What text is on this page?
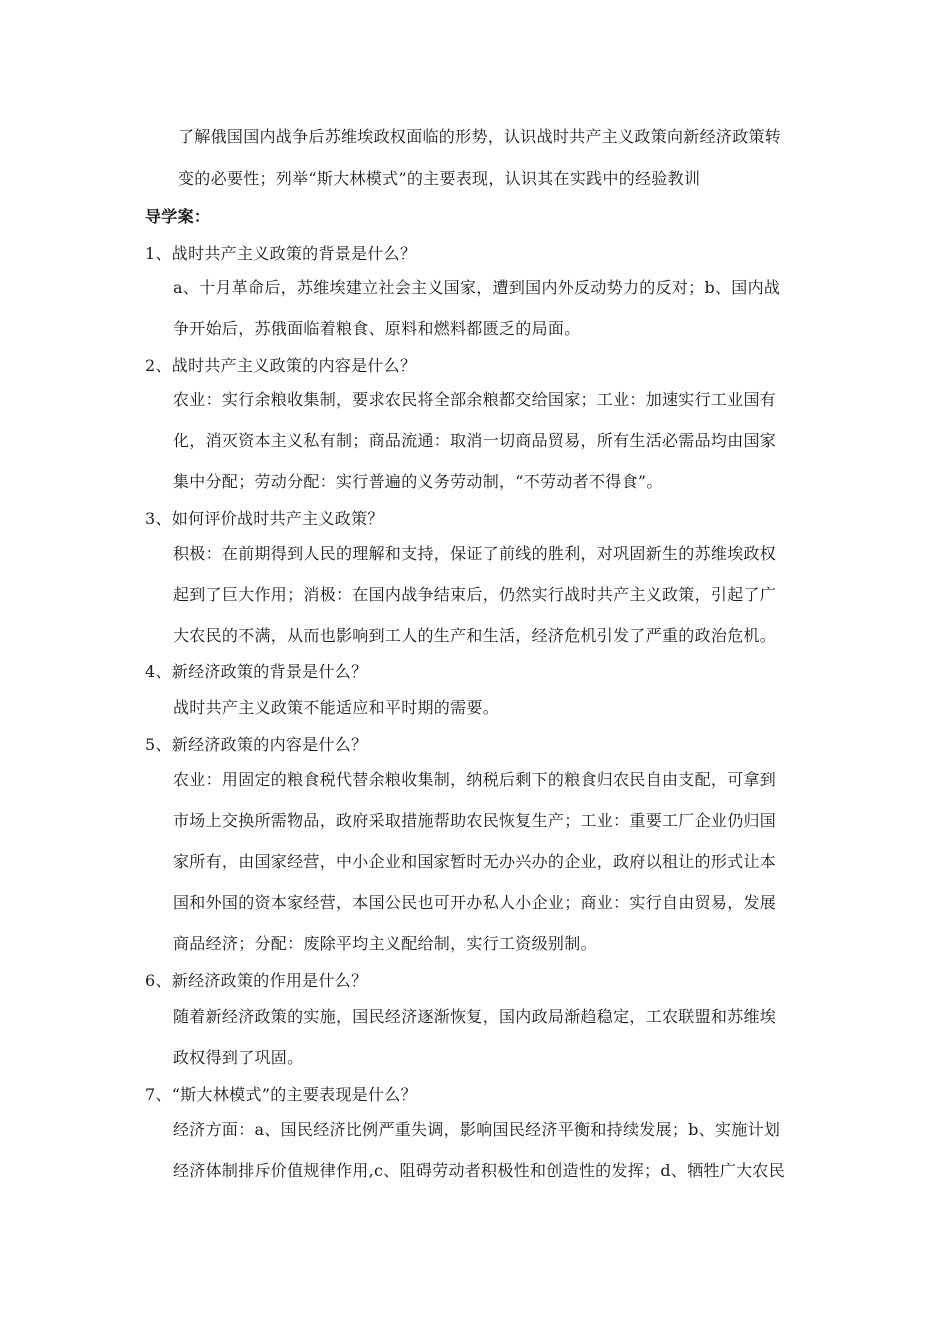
了解俄国国内战争后苏维埃政权面临的形势，认识战时共产主义政策向新经济政策转
变的必要性；列举“斯大林模式”的主要表现，认识其在实践中的经验教训
导学案：
1、战时共产主义政策的背景是什么？
a、十月革命后，苏维埃建立社会主义国家，遭到国内外反动势力的反对；b、国内战
争开始后，苏俄面临着粮食、原料和燃料都匮乏的局面。
2、战时共产主义政策的内容是什么？
农业：实行余粮收集制，要求农民将全部余粮都交给国家；工业：加速实行工业国有
化，消灭资本主义私有制；商品流通：取消一切商品贸易，所有生活必需品均由国家
集中分配；劳动分配：实行普遍的义务劳动制，“不劳动者不得食”。
3、如何评价战时共产主义政策？
积极：在前期得到人民的理解和支持，保证了前线的胜利，对巩固新生的苏维埃政权
起到了巨大作用；消极：在国内战争结束后，仍然实行战时共产主义政策，引起了广
大农民的不满，从而也影响到工人的生产和生活，经济危机引发了严重的政治危机。
4、新经济政策的背景是什么？
战时共产主义政策不能适应和平时期的需要。
5、新经济政策的内容是什么？
农业：用固定的粮食税代替余粮收集制，纳税后剩下的粮食归农民自由支配，可拿到
市场上交换所需物品，政府采取措施帮助农民恢复生产；工业：重要工厂企业仍归国
家所有，由国家经营，中小企业和国家暂时无办兴办的企业，政府以租让的形式让本
国和外国的资本家经营，本国公民也可开办私人小企业；商业：实行自由贸易，发展
商品经济；分配：废除平均主义配给制，实行工资级别制。
6、新经济政策的作用是什么？
随着新经济政策的实施，国民经济逐渐恢复，国内政局渐趋稳定，工农联盟和苏维埃
政权得到了巩固。
7、“斯大林模式”的主要表现是什么？
经济方面：a、国民经济比例严重失调，影响国民经济平衡和持续发展；b、实施计划
经济体制排斥价值规律作用,c、阻碍劳动者积极性和创造性的发挥；d、牺牲广大农民
